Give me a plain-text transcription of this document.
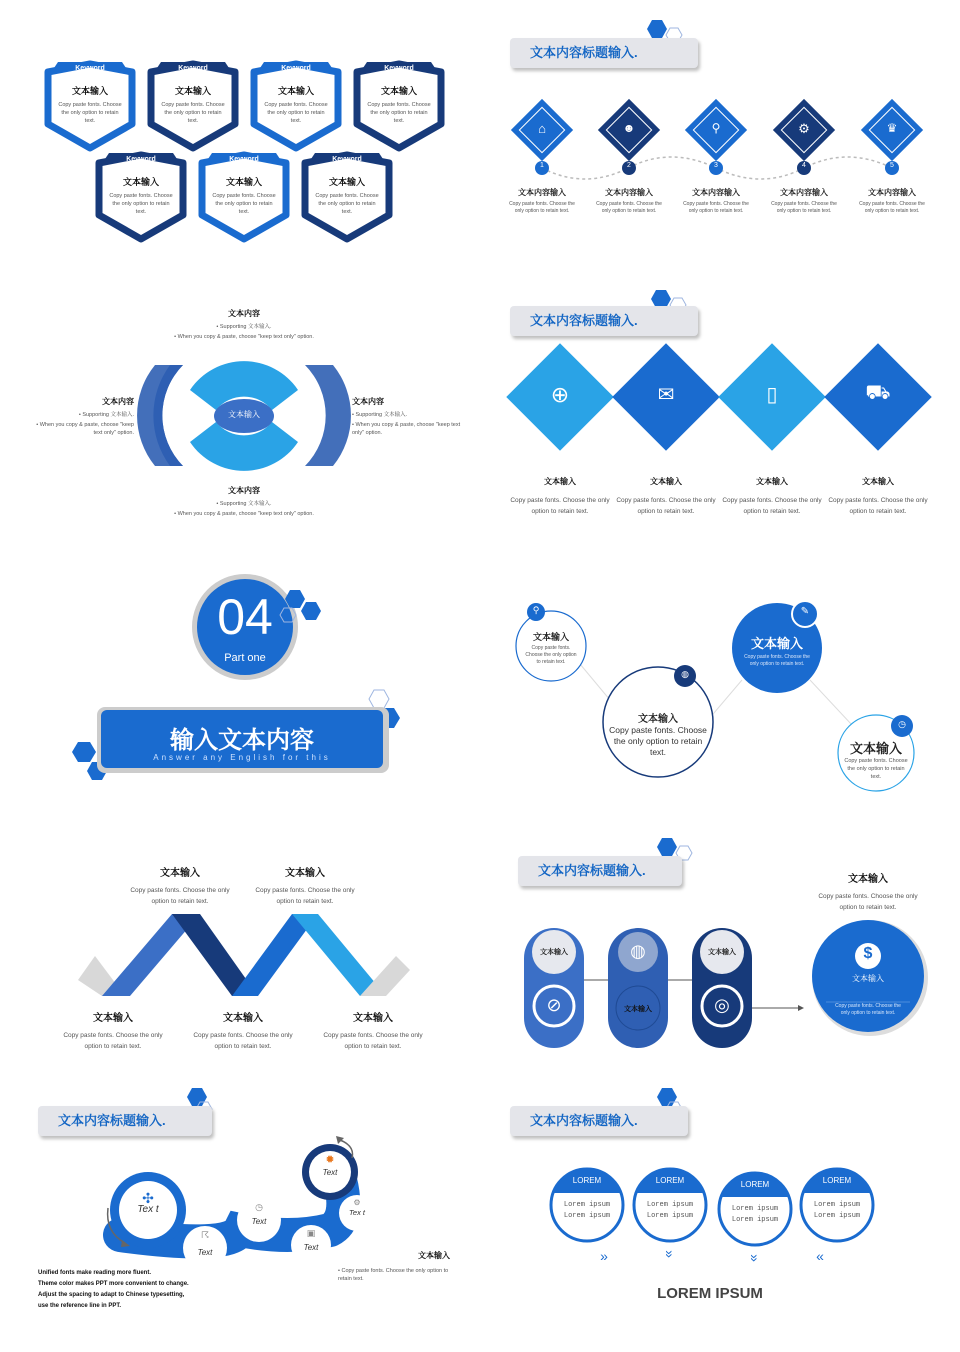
Keyword
文本输入
Copy paste fonts. Choose the only option to retain text.
Keyword
文本输入
Copy paste fonts. Choose the only option to retain text.
Keyword
文本输入
Copy paste fonts. Choose the only option to retain text.
Keyword
文本输入
Copy paste fonts. Choose the only option to retain text.
Keyword
文本输入
Copy paste fonts. Choose the only option to retain text.
Keyword
文本输入
Copy paste fonts. Choose the only option to retain text.
Keyword
文本输入
Copy paste fonts. Choose the only option to retain text.
文本内容标题输入.
⌂	☻	⚲	⚙	♛
1	2	3	4	5
文本内容输入
Copy paste fonts. Choose the only option to retain text.
文本内容输入
Copy paste fonts. Choose the only option to retain text.
文本内容输入
Copy paste fonts. Choose the only option to retain text.
文本内容输入
Copy paste fonts. Choose the only option to retain text.
文本内容输入
Copy paste fonts. Choose the only option to retain text.
文本输入
文本内容
• Supporting 文本输入.
• When you copy & paste, choose "keep text only" option.
文本内容
• Supporting 文本输入.
• When you copy & paste, choose "keep text only" option.
文本内容
• Supporting 文本输入.
• When you copy & paste, choose "keep text only" option.
文本内容
• Supporting 文本输入.
• When you copy & paste, choose "keep text only" option.
文本内容标题输入.
⊕	✉	▯	⛟
文本输入
Copy paste fonts. Choose the only option to retain text.
文本输入
Copy paste fonts. Choose the only option to retain text.
文本输入
Copy paste fonts. Choose the only option to retain text.
文本输入
Copy paste fonts. Choose the only option to retain text.
04
Part one
输入文本内容
Answer any English for this
⚲
◍
✎
◷
文本输入
Copy paste fonts. Choose the only option to retain text.
文本输入
Copy paste fonts. Choose the only option to retain text.
文本输入
Copy paste fonts. Choose the only option to retain text.
文本输入
Copy paste fonts. Choose the only option to retain text.
文本输入
Copy paste fonts. Choose the only option to retain text.
文本输入
Copy paste fonts. Choose the only option to retain text.
文本输入
Copy paste fonts. Choose the only option to retain text.
文本输入
Copy paste fonts. Choose the only option to retain text.
文本输入
Copy paste fonts. Choose the only option to retain text.
文本内容标题输入.
文本输入
文本输入
文本输入
⊘
◍
◎
$
文本输入
Copy paste fonts. Choose the only option to retain text.
文本输入
Copy paste fonts. Choose the only option to retain text.
文本内容标题输入.
✣
Tex t
☈
Text
◷
Text
▣
Text
⚙
Tex t
✹
Text
Unified fonts make reading more fluent.
Theme color makes PPT more convenient to change.
Adjust the spacing to adapt to Chinese typesetting,
use the reference line in PPT.
文本输入
• Copy paste fonts. Choose the only option to retain text.
文本内容标题输入.
LOREM	LOREM	LOREM	LOREM
Lorem ipsum
Lorem ipsum
Lorem ipsum
Lorem ipsum
Lorem ipsum
Lorem ipsum
Lorem ipsum
Lorem ipsum
»	»
»	«
LOREM IPSUM
